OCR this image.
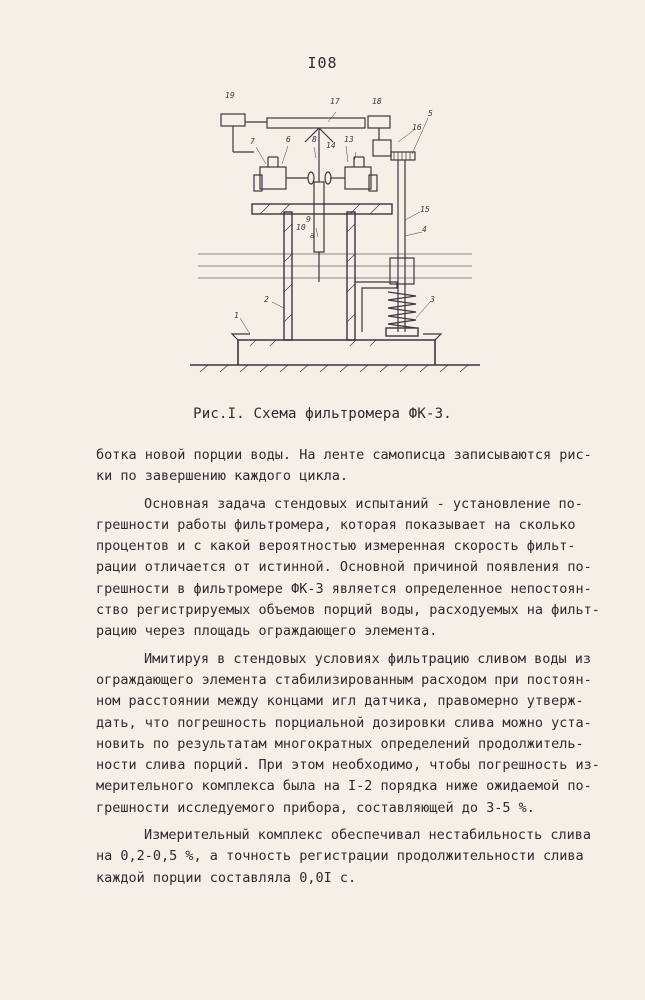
I08
19
17	18
7	6	8	13
14
16
5
9
10
a
15
4
2
1
3
Рис.I. Схема фильтромера ФК-3.
ботка новой порции воды. На ленте самописца записываются рис-
ки по завершению каждого цикла.
Основная задача стендовых испытаний - установление по-
грешности работы фильтромера, которая показывает на сколько
процентов и с какой вероятностью измеренная скорость фильт-
рации отличается от истинной. Основной причиной появления по-
грешности в фильтромере ФК-3 является определенное непостоян-
ство регистрируемых объемов порций воды, расходуемых на фильт-
рацию через площадь ограждающего элемента.
Имитируя в стендовых условиях фильтрацию сливом воды из
ограждающего элемента стабилизированным расходом при постоян-
ном расстоянии между концами игл датчика, правомерно утверж-
дать, что погрешность порциальной дозировки слива можно уста-
новить по результатам многократных определений продолжитель-
ности слива порций. При этом необходимо, чтобы погрешность из-
мерительного комплекса была на I-2 порядка ниже ожидаемой по-
грешности исследуемого прибора, составляющей до 3-5 %.
Измерительный комплекс обеспечивал нестабильность слива
на 0,2-0,5 %, а точность регистрации продолжительности слива
каждой порции составляла 0,0I с.
